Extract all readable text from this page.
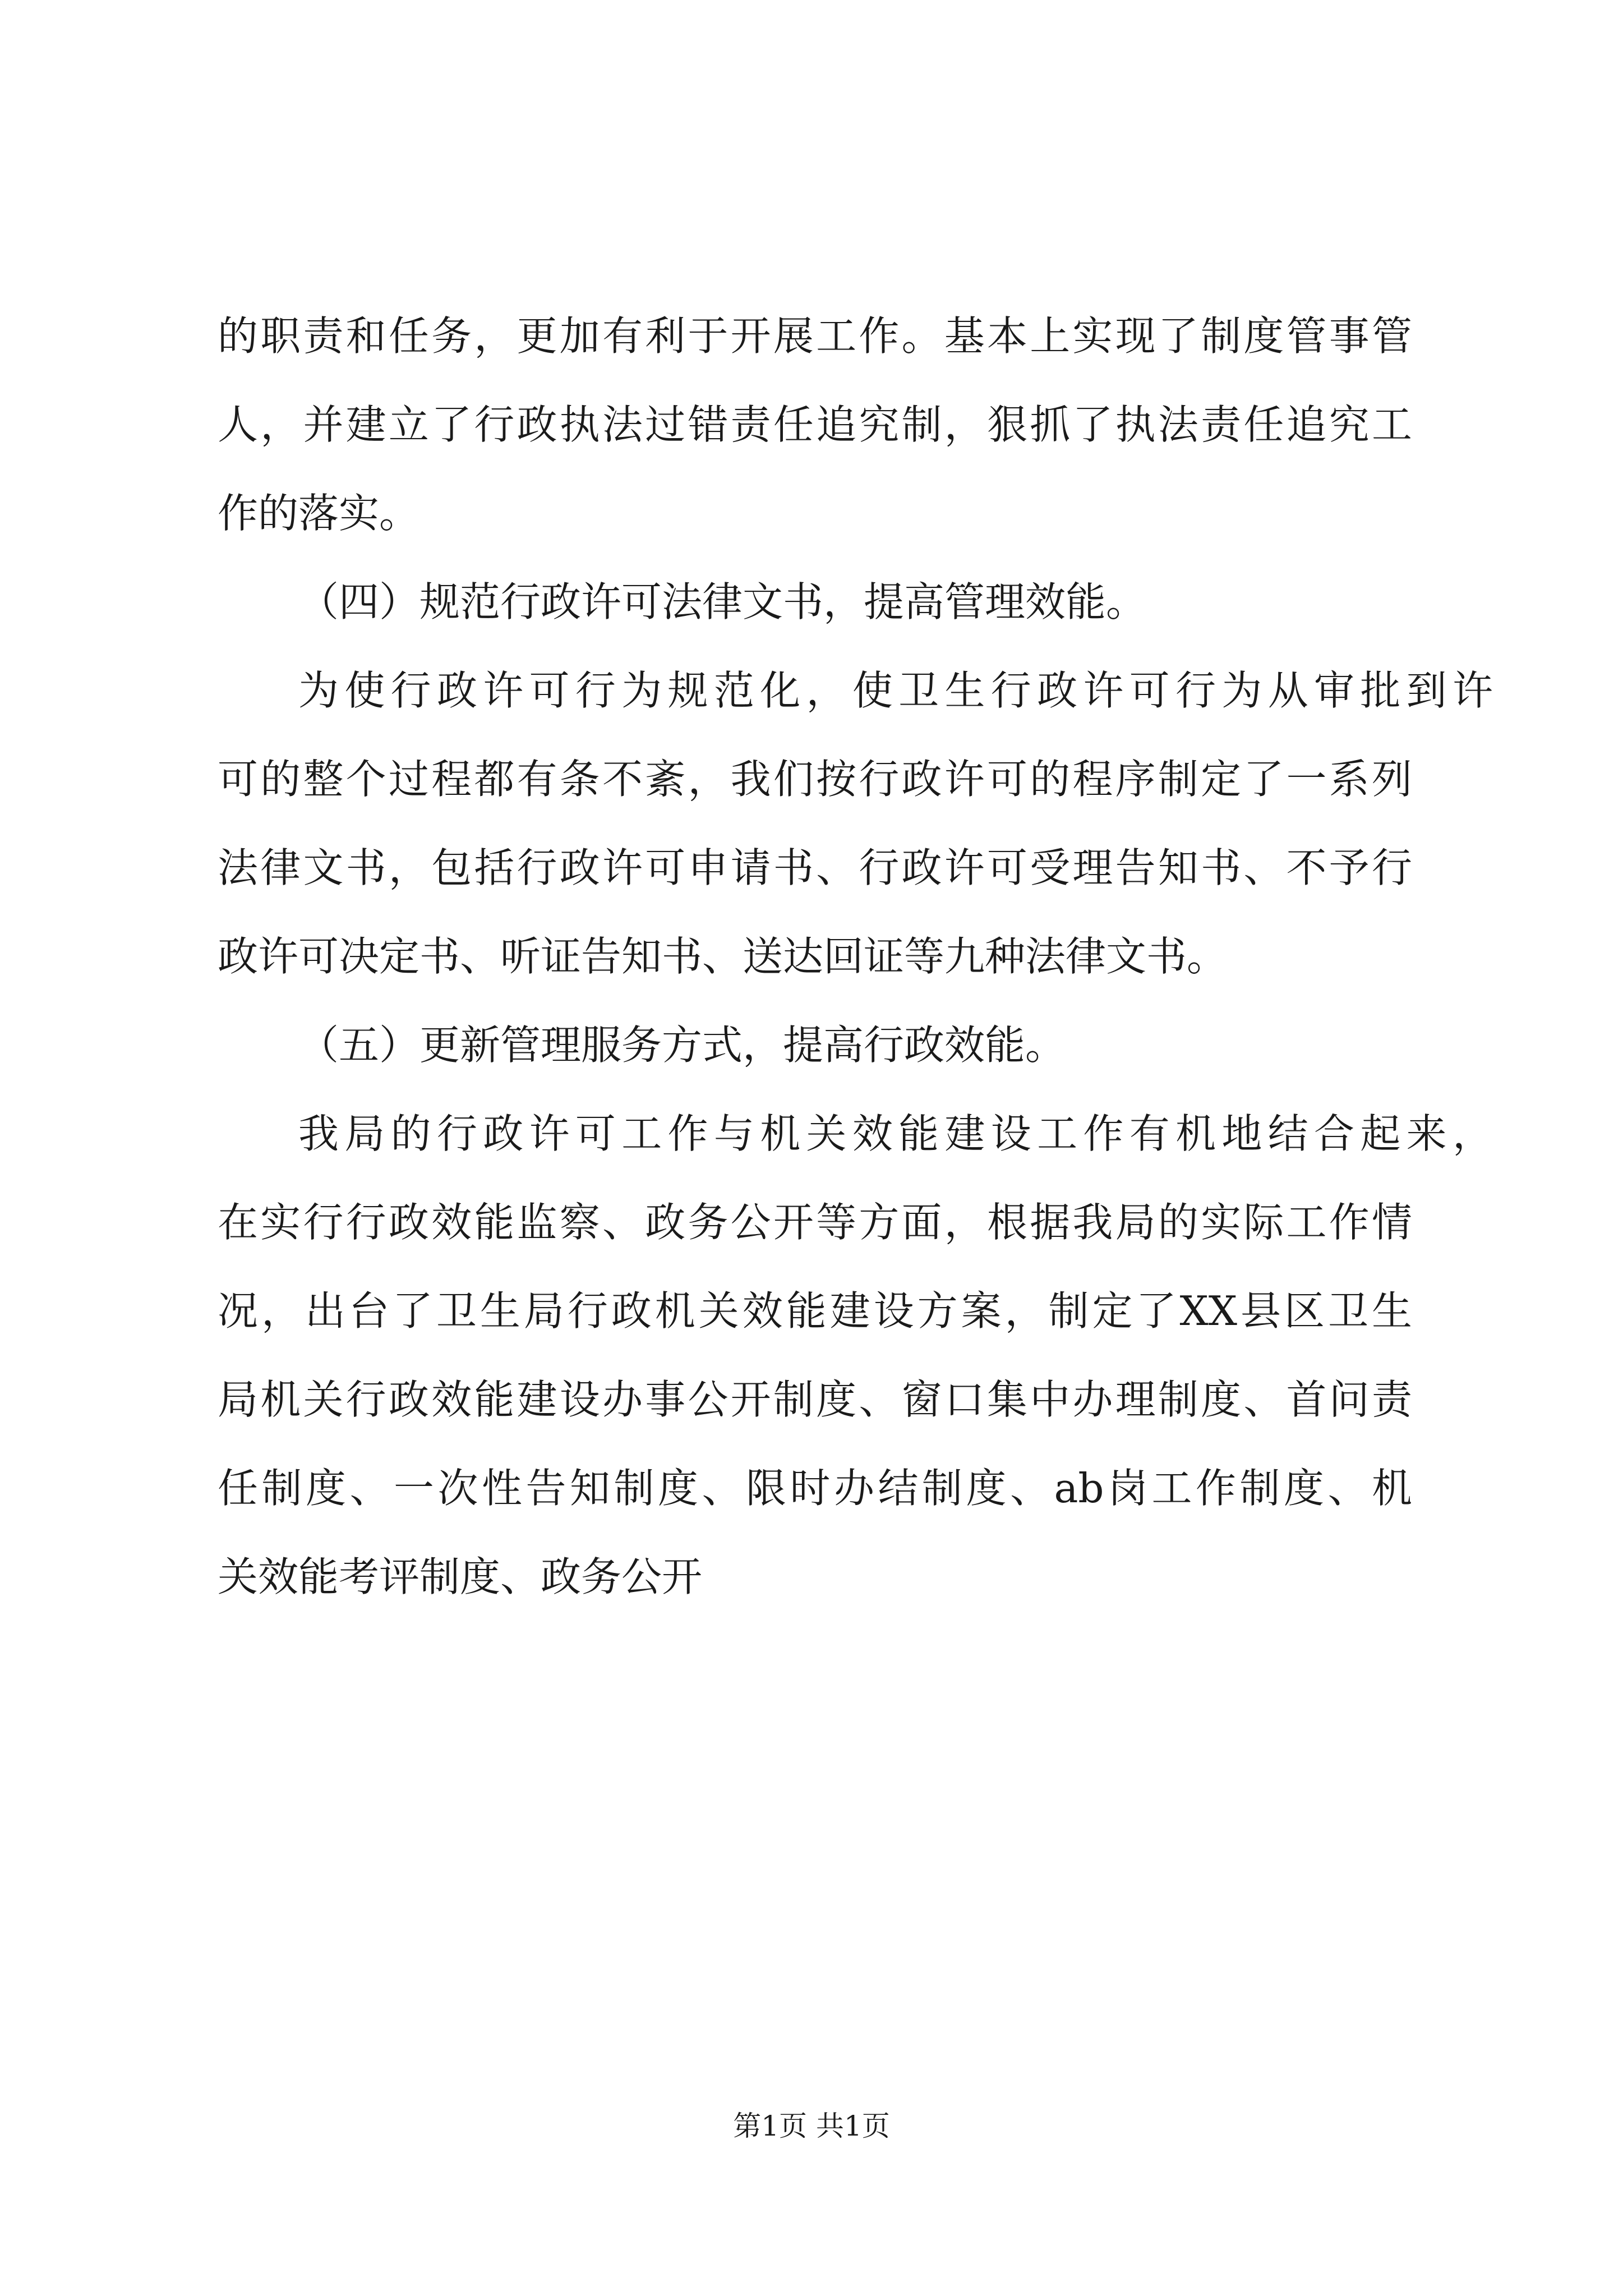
的职责和任务，更加有利于开展工作。基本上实现了制度管事管
人，并建立了行政执法过错责任追究制，狠抓了执法责任追究工
作的落实。
（四）规范行政许可法律文书，提高管理效能。
为使行政许可行为规范化，使卫生行政许可行为从审批到许
可的整个过程都有条不紊，我们按行政许可的程序制定了一系列
法律文书，包括行政许可申请书、行政许可受理告知书、不予行
政许可决定书、听证告知书、送达回证等九种法律文书。
（五）更新管理服务方式，提高行政效能。
我局的行政许可工作与机关效能建设工作有机地结合起来，
在实行行政效能监察、政务公开等方面，根据我局的实际工作情
况，出台了卫生局行政机关效能建设方案，制定了XX县区卫生
局机关行政效能建设办事公开制度、窗口集中办理制度、首问责
任制度、一次性告知制度、限时办结制度、ab岗工作制度、机
关效能考评制度、政务公开
第1页 共1页
